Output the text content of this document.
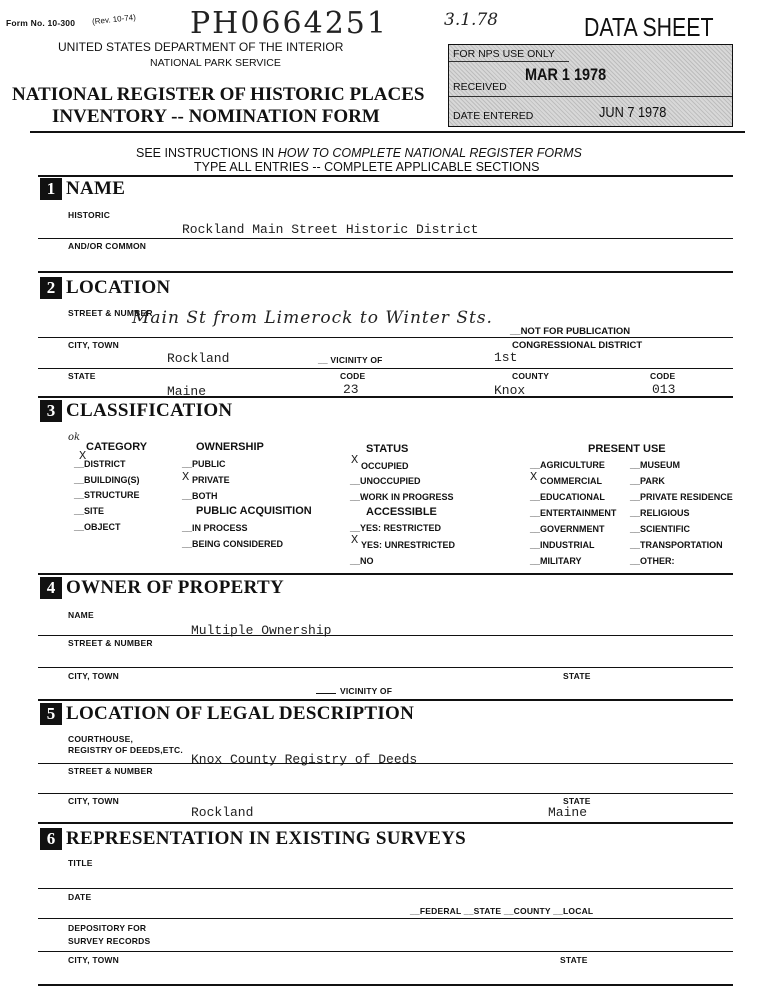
Form No. 10-300 (Rev. 10-74) PH0664251	3.1.78	DATA SHEET
UNITED STATES DEPARTMENT OF THE INTERIOR
NATIONAL PARK SERVICE
NATIONAL REGISTER OF HISTORIC PLACES
INVENTORY -- NOMINATION FORM
FOR NPS USE ONLY
RECEIVED
MAR 1 1978
DATE ENTERED	JUN 7 1978
SEE INSTRUCTIONS IN HOW TO COMPLETE NATIONAL REGISTER FORMS
TYPE ALL ENTRIES -- COMPLETE APPLICABLE SECTIONS
1 NAME
HISTORIC
Rockland Main Street Historic District
AND/OR COMMON
2 LOCATION
STREET & NUMBER
Main St from Limerock to Winter Sts.
__NOT FOR PUBLICATION
CITY, TOWN	CONGRESSIONAL DISTRICT
Rockland	__ VICINITY OF	1st
STATE	CODE	COUNTY	CODE
Maine	23	Knox	013
3 CLASSIFICATION
ok
CATEGORY
X
__DISTRICT
__BUILDING(S)
__STRUCTURE
__SITE
__OBJECT
OWNERSHIP
__PUBLIC
X PRIVATE
__BOTH
PUBLIC ACQUISITION
__IN PROCESS
__BEING CONSIDERED
STATUS
X OCCUPIED
__UNOCCUPIED
__WORK IN PROGRESS
ACCESSIBLE
__YES: RESTRICTED
X YES: UNRESTRICTED
__NO
PRESENT USE
__AGRICULTURE
X COMMERCIAL
__EDUCATIONAL
__ENTERTAINMENT
__GOVERNMENT
__INDUSTRIAL
__MILITARY
__MUSEUM
__PARK
__PRIVATE RESIDENCE
__RELIGIOUS
__SCIENTIFIC
__TRANSPORTATION
__OTHER:
4 OWNER OF PROPERTY
NAME
Multiple Ownership
STREET & NUMBER
CITY, TOWN	STATE
VICINITY OF
5 LOCATION OF LEGAL DESCRIPTION
COURTHOUSE,
REGISTRY OF DEEDS,ETC.
Knox County Registry of Deeds
STREET & NUMBER
CITY, TOWN	STATE
Rockland	Maine
6 REPRESENTATION IN EXISTING SURVEYS
TITLE
DATE
__FEDERAL __STATE __COUNTY __LOCAL
DEPOSITORY FOR
SURVEY RECORDS
CITY, TOWN	STATE
